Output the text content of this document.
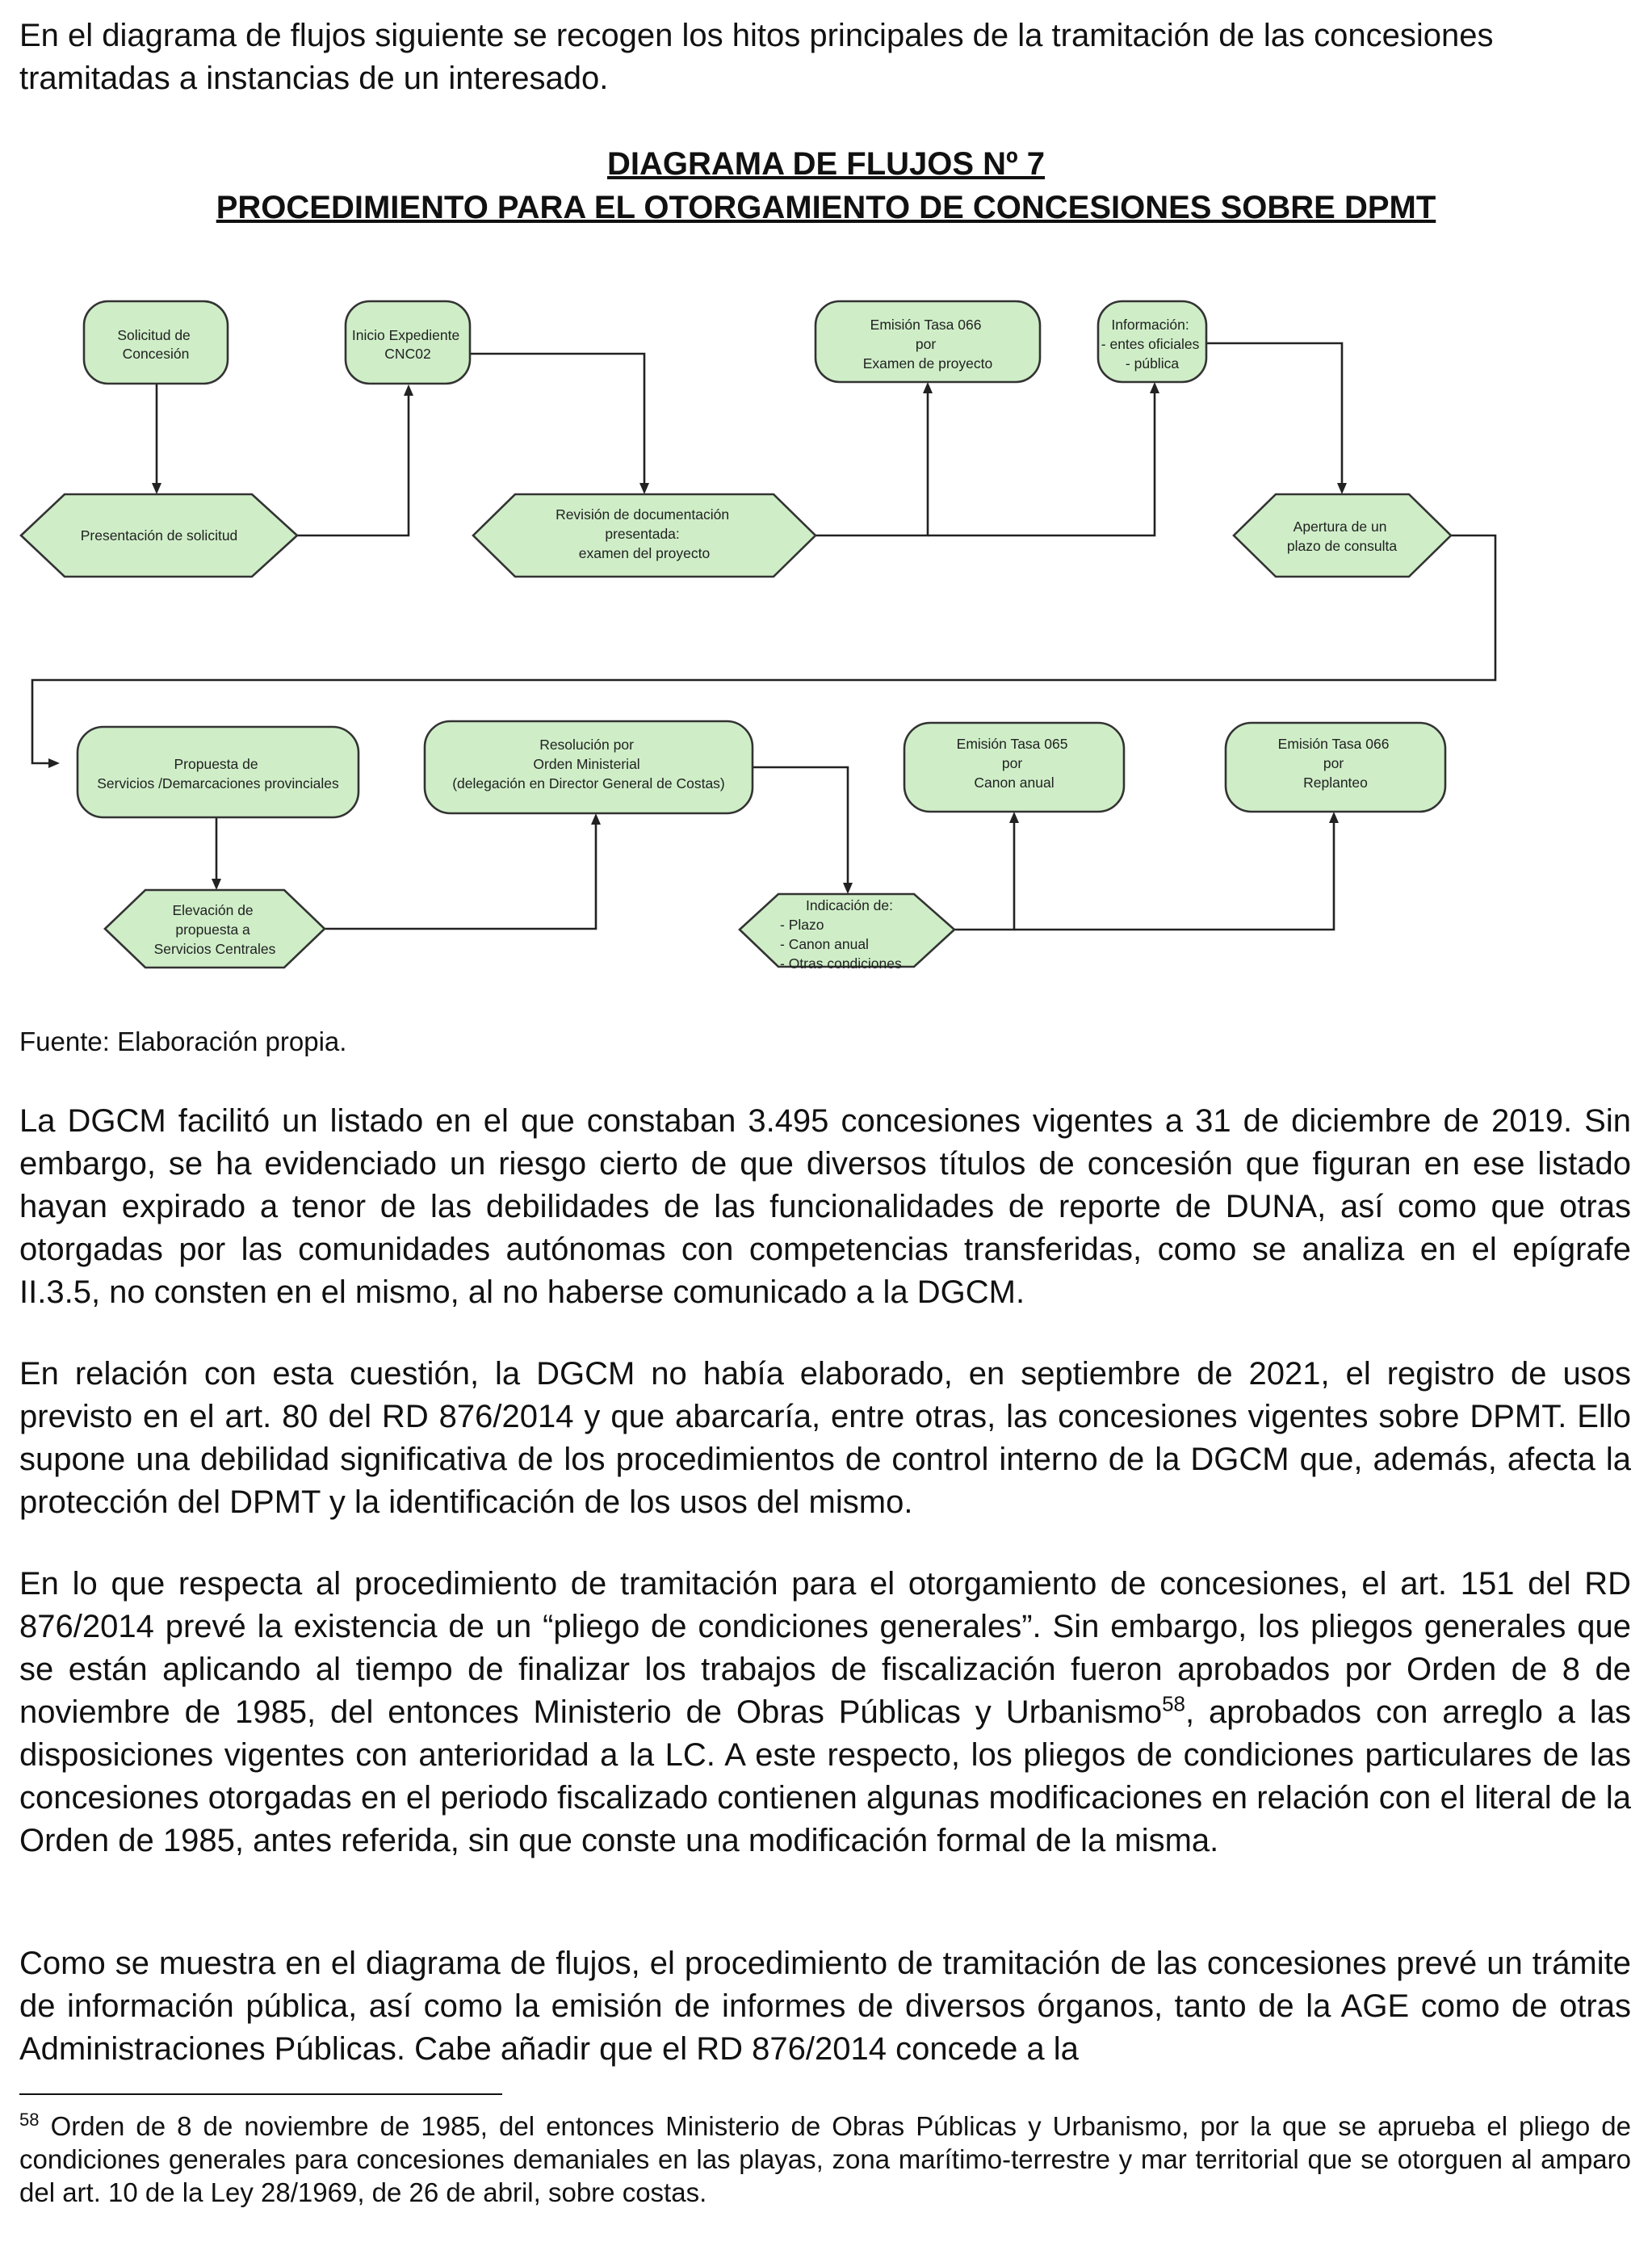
En el diagrama de flujos siguiente se recogen los hitos principales de la tramitación de las concesiones tramitadas a instancias de un interesado.

DIAGRAMA DE FLUJOS Nº 7
PROCEDIMIENTO PARA EL OTORGAMIENTO DE CONCESIONES SOBRE DPMT
Solicitud de Concesión
Inicio Expediente CNC02
Emisión Tasa 066 por Examen de proyecto
Información: - entes oficiales - pública
Presentación de solicitud
Revisión de documentación presentada: examen del proyecto
Apertura de un plazo de consulta
Propuesta de Servicios /Demarcaciones provinciales
Resolución por Orden Ministerial (delegación en Director General de Costas)
Emisión Tasa 065 por Canon anual
Emisión Tasa 066 por Replanteo
Elevación de propuesta a Servicios Centrales
Indicación de:
- Plazo - Canon anual - Otras condiciones
Fuente: Elaboración propia.

La DGCM facilitó un listado en el que constaban 3.495 concesiones vigentes a 31 de diciembre de 2019. Sin embargo, se ha evidenciado un riesgo cierto de que diversos títulos de concesión que figuran en ese listado hayan expirado a tenor de las debilidades de las funcionalidades de reporte de DUNA, así como que otras otorgadas por las comunidades autónomas con competencias transferidas, como se analiza en el epígrafe II.3.5, no consten en el mismo, al no haberse comunicado a la DGCM.

En relación con esta cuestión, la DGCM no había elaborado, en septiembre de 2021, el registro de usos previsto en el art. 80 del RD 876/2014 y que abarcaría, entre otras, las concesiones vigentes sobre DPMT. Ello supone una debilidad significativa de los procedimientos de control interno de la DGCM que, además, afecta la protección del DPMT y la identificación de los usos del mismo.

En lo que respecta al procedimiento de tramitación para el otorgamiento de concesiones, el art. 151 del RD 876/2014 prevé la existencia de un “pliego de condiciones generales”. Sin embargo, los pliegos generales que se están aplicando al tiempo de finalizar los trabajos de fiscalización fueron aprobados por Orden de 8 de noviembre de 1985, del entonces Ministerio de Obras Públicas y Urbanismo$^{58}$, aprobados con arreglo a las disposiciones vigentes con anterioridad a la LC. A este respecto, los pliegos de condiciones particulares de las concesiones otorgadas en el periodo fiscalizado contienen algunas modificaciones en relación con el literal de la Orden de 1985, antes referida, sin que conste una modificación formal de la misma.

Como se muestra en el diagrama de flujos, el procedimiento de tramitación de las concesiones prevé un trámite de información pública, así como la emisión de informes de diversos órganos, tanto de la AGE como de otras Administraciones Públicas. Cabe añadir que el RD 876/2014 concede a la

$^{58}$ Orden de 8 de noviembre de 1985, del entonces Ministerio de Obras Públicas y Urbanismo, por la que se aprueba el pliego de condiciones generales para concesiones demaniales en las playas, zona marítimo-terrestre y mar territorial que se otorguen al amparo del art. 10 de la Ley 28/1969, de 26 de abril, sobre costas.
